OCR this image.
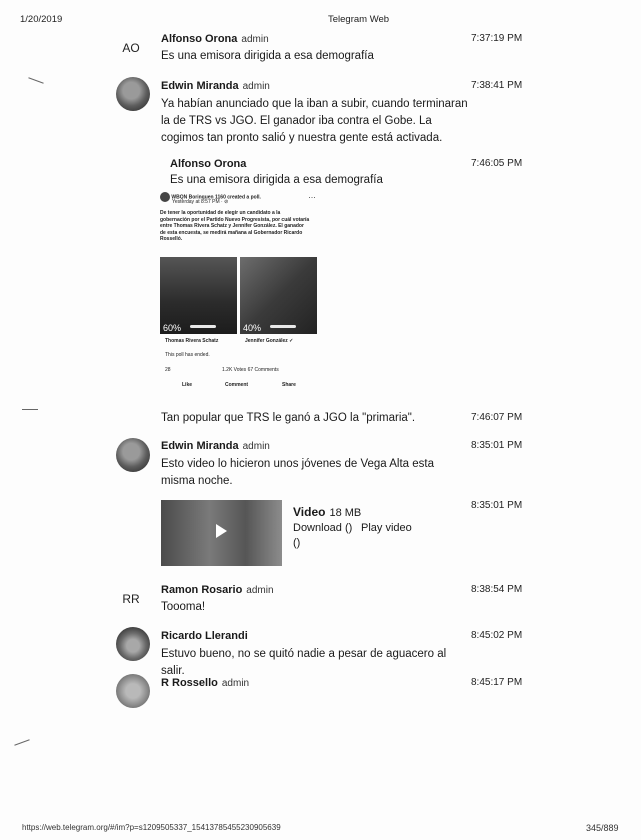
1/20/2019	Telegram Web
AO
Alfonso Orona admin
Es una emisora dirigida a esa demografía
7:37:19 PM
Edwin Miranda admin
Ya habían anunciado que la iban a subir, cuando terminaran la de TRS vs JGO. El ganador iba contra el Gobe. La cogimos tan pronto salió y nuestra gente está activada.
7:38:41 PM
Alfonso Orona
Es una emisora dirigida a esa demografía
7:46:05 PM
WBQN Borinquen 1160 created a poll.
Yesterday at 8:57 PM · ⊘
…
De tener la oportunidad de elegir un candidato a la gobernación por el Partido Nuevo Progresista, por cuál votaría entre Thomas Rivera Schatz y Jennifer González. El ganador de esta encuesta, se medirá mañana al Gobernador Ricardo Rosselló.
60%	40%
Thomas Rivera Schatz	Jennifer González ✓
This poll has ended.
28	1.2K Votes 67 Comments
Like	Comment	Share
Tan popular que TRS le ganó a JGO la "primaria".	7:46:07 PM
Edwin Miranda admin
Esto video lo hicieron unos jóvenes de Vega Alta esta misma noche.
8:35:01 PM
Video 18 MB
Download () Play video
()
8:35:01 PM
RR
Ramon Rosario admin
Toooma!
8:38:54 PM
Ricardo Llerandi
Estuvo bueno, no se quitó nadie a pesar de aguacero al salir.
8:45:02 PM
R Rossello admin	8:45:17 PM
https://web.telegram.org/#/im?p=s1209505337_15413785455230905639	345/889
